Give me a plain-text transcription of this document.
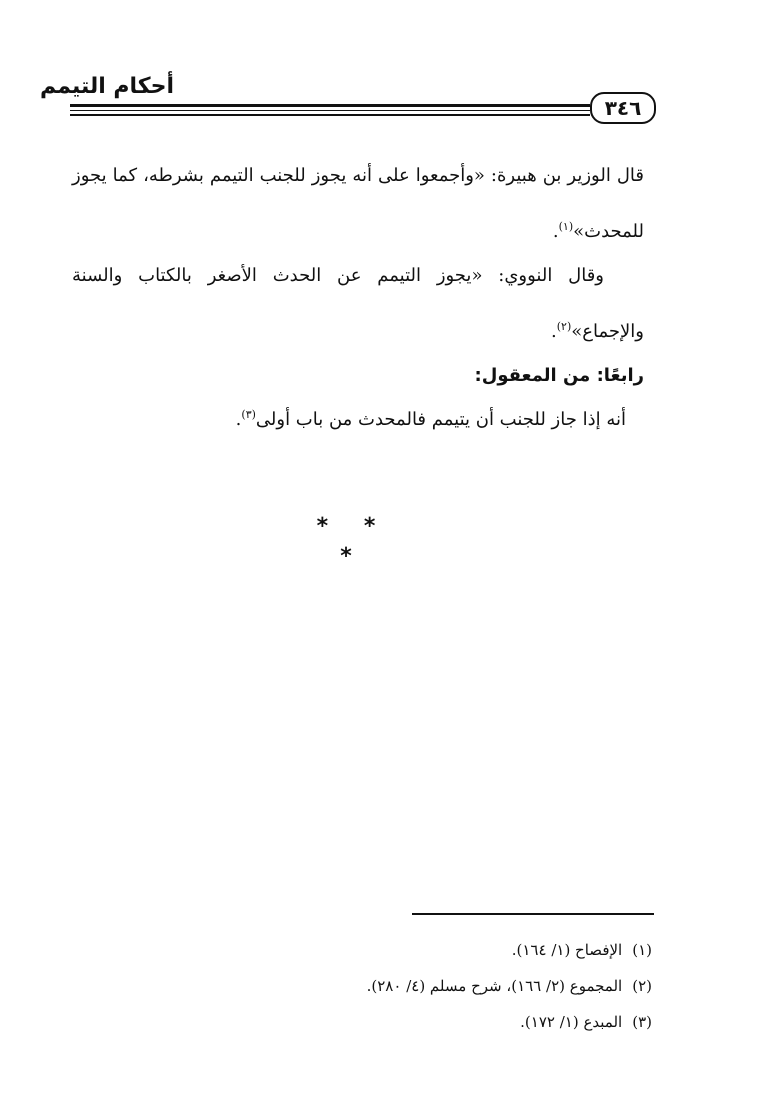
أحكام التيمم
٣٤٦

قال الوزير بن هبيرة: «وأجمعوا على أنه يجوز للجنب التيمم بشرطه، كما يجوز للمحدث»$^{(١)}$.

وقال النووي: «يجوز التيمم عن الحدث الأصغر بالكتاب والسنة والإجماع»$^{(٢)}$.

رابعًا: من المعقول:

أنه إذا جاز للجنب أن يتيمم فالمحدث من باب أولى$^{(٣)}$.

* * *
(١)الإفصاح (١/ ١٦٤).
(٢)المجموع (٢/ ١٦٦)، شرح مسلم (٤/ ٢٨٠).
(٣)المبدع (١/ ١٧٢).
